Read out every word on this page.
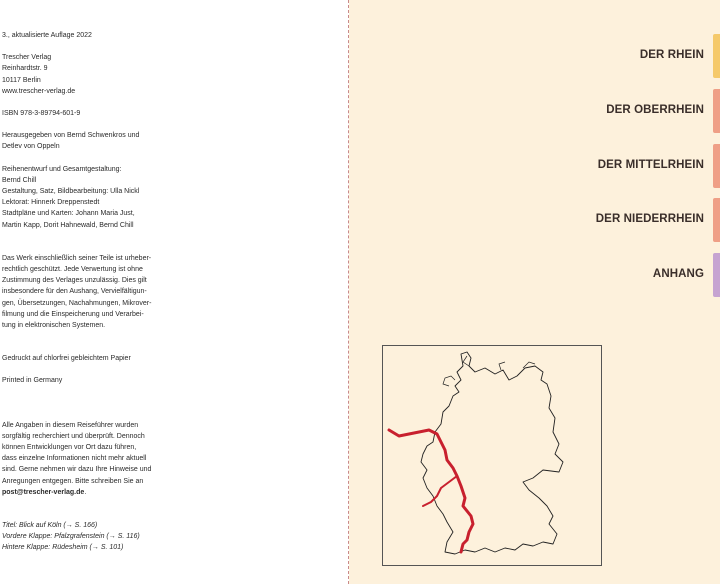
3., aktualisierte Auflage 2022

Trescher Verlag

Reinhardtstr. 9

10117 Berlin

www.trescher-verlag.de

ISBN 978-3-89794-601-9

Herausgegeben von Bernd Schwenkros und

Detlev von Oppeln

Reihenentwurf und Gesamtgestaltung:

Bernd Chill

Gestaltung, Satz, Bildbearbeitung: Ulla Nickl

Lektorat: Hinnerk Dreppenstedt

Stadtpläne und Karten: Johann Maria Just,

Martin Kapp, Dorit Hahnewald, Bernd Chill

Das Werk einschließlich seiner Teile ist urheber-

rechtlich geschützt. Jede Verwertung ist ohne

Zustimmung des Verlages unzulässig. Dies gilt

insbesondere für den Aushang, Vervielfältigun-

gen, Übersetzungen, Nachahmungen, Mikrover-

filmung und die Einspeicherung und Verarbei-

tung in elektronischen Systemen.

Gedruckt auf chlorfrei gebleichtem Papier

Printed in Germany

Alle Angaben in diesem Reiseführer wurden

sorgfältig recherchiert und überprüft. Dennoch

können Entwicklungen vor Ort dazu führen,

dass einzelne Informationen nicht mehr aktuell

sind. Gerne nehmen wir dazu Ihre Hinweise und

Anregungen entgegen. Bitte schreiben Sie an

post@trescher-verlag.de.

Titel: Blick auf Köln (→ S. 166)

Vordere Klappe: Pfalzgrafenstein (→ S. 116)

Hintere Klappe: Rüdesheim (→ S. 101)

DER RHEIN
DER OBERRHEIN
DER MITTELRHEIN
DER NIEDERRHEIN
ANHANG
